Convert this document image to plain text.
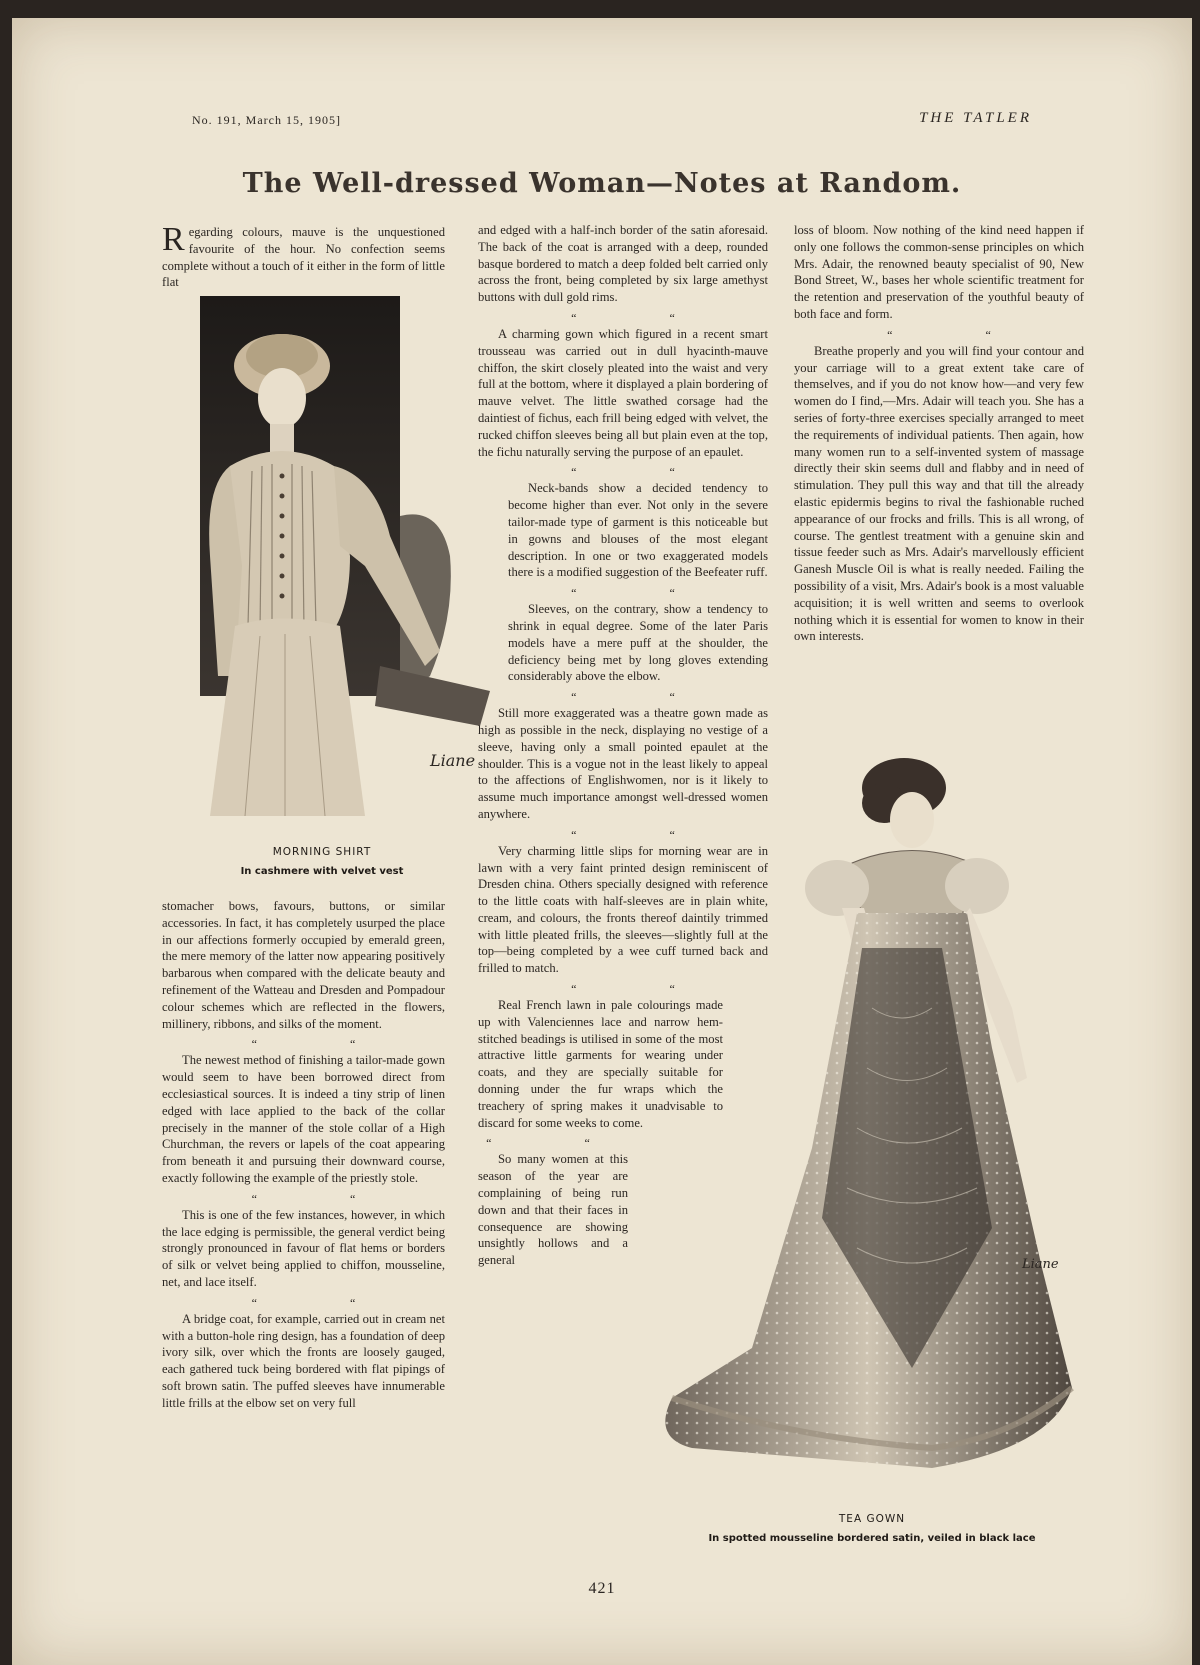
No. 191, March 15, 1905]	THE TATLER
The Well-dressed Woman—Notes at Random.

R egarding colours, mauve is the unquestioned favourite of the hour. No confection seems complete without a touch of it either in the form of little flat

Liane
MORNING SHIRT
In cashmere with velvet vest

stomacher bows, favours, buttons, or similar accessories. In fact, it has completely usurped the place in our affections formerly occupied by emerald green, the mere memory of the latter now appearing positively barbarous when compared with the delicate beauty and refinement of the Watteau and Dresden and Pompadour colour schemes which are reflected in the flowers, millinery, ribbons, and silks of the moment.

“ “

The newest method of finishing a tailor-made gown would seem to have been borrowed direct from ecclesiastical sources. It is indeed a tiny strip of linen edged with lace applied to the back of the collar precisely in the manner of the stole collar of a High Churchman, the revers or lapels of the coat appearing from beneath it and pursuing their downward course, exactly following the example of the priestly stole.

“ “

This is one of the few instances, however, in which the lace edging is permissible, the general verdict being strongly pronounced in favour of flat hems or borders of silk or velvet being applied to chiffon, mousseline, net, and lace itself.

“ “

A bridge coat, for example, carried out in cream net with a button-hole ring design, has a foundation of deep ivory silk, over which the fronts are loosely gauged, each gathered tuck being bordered with flat pipings of soft brown satin. The puffed sleeves have innumerable little frills at the elbow set on very full

and edged with a half-inch border of the satin aforesaid. The back of the coat is arranged with a deep, rounded basque bordered to match a deep folded belt carried only across the front, being completed by six large amethyst buttons with dull gold rims.

“ “

A charming gown which figured in a recent smart trousseau was carried out in dull hyacinth-mauve chiffon, the skirt closely pleated into the waist and very full at the bottom, where it displayed a plain bordering of mauve velvet. The little swathed corsage had the daintiest of fichus, each frill being edged with velvet, the rucked chiffon sleeves being all but plain even at the top, the fichu naturally serving the purpose of an epaulet.

“ “

Neck-bands show a decided tendency to become higher than ever. Not only in the severe tailor-made type of garment is this noticeable but in gowns and blouses of the most elegant description. In one or two exaggerated models there is a modified suggestion of the Beefeater ruff.

“ “

Sleeves, on the contrary, show a tendency to shrink in equal degree. Some of the later Paris models have a mere puff at the shoulder, the deficiency being met by long gloves extending considerably above the elbow.

“ “

Still more exaggerated was a theatre gown made as high as possible in the neck, displaying no vestige of a sleeve, having only a small pointed epaulet at the shoulder. This is a vogue not in the least likely to appeal to the affections of Englishwomen, nor is it likely to assume much importance amongst well-dressed women anywhere.

“ “

Very charming little slips for morning wear are in lawn with a very faint printed design reminiscent of Dresden china. Others specially designed with reference to the little coats with half-sleeves are in plain white, cream, and colours, the fronts thereof daintily trimmed with little pleated frills, the sleeves—slightly full at the top—being completed by a wee cuff turned back and frilled to match.

“ “

Real French lawn in pale colourings made up with Valenciennes lace and narrow hem-stitched beadings is utilised in some of the most attractive little garments for wearing under coats, and they are specially suitable for donning under the fur wraps which the treachery of spring makes it unadvisable to discard for some weeks to come.

“ “

So many women at this season of the year are complaining of being run down and that their faces in consequence are showing unsightly hollows and a general

loss of bloom. Now nothing of the kind need happen if only one follows the common-sense principles on which Mrs. Adair, the renowned beauty specialist of 90, New Bond Street, W., bases her whole scientific treatment for the retention and preservation of the youthful beauty of both face and form.

“ “

Breathe properly and you will find your contour and your carriage will to a great extent take care of themselves, and if you do not know how—and very few women do I find,—Mrs. Adair will teach you. She has a series of forty-three exercises specially arranged to meet the requirements of individual patients. Then again, how many women run to a self-invented system of massage directly their skin seems dull and flabby and in need of stimulation. They pull this way and that till the already elastic epidermis begins to rival the fashionable ruched appearance of our frocks and frills. This is all wrong, of course. The gentlest treatment with a genuine skin and tissue feeder such as Mrs. Adair's marvellously efficient Ganesh Muscle Oil is what is really needed. Failing the possibility of a visit, Mrs. Adair's book is a most valuable acquisition; it is well written and seems to overlook nothing which it is essential for women to know in their own interests.

Liane
TEA GOWN
In spotted mousseline bordered satin, veiled in black lace
421
